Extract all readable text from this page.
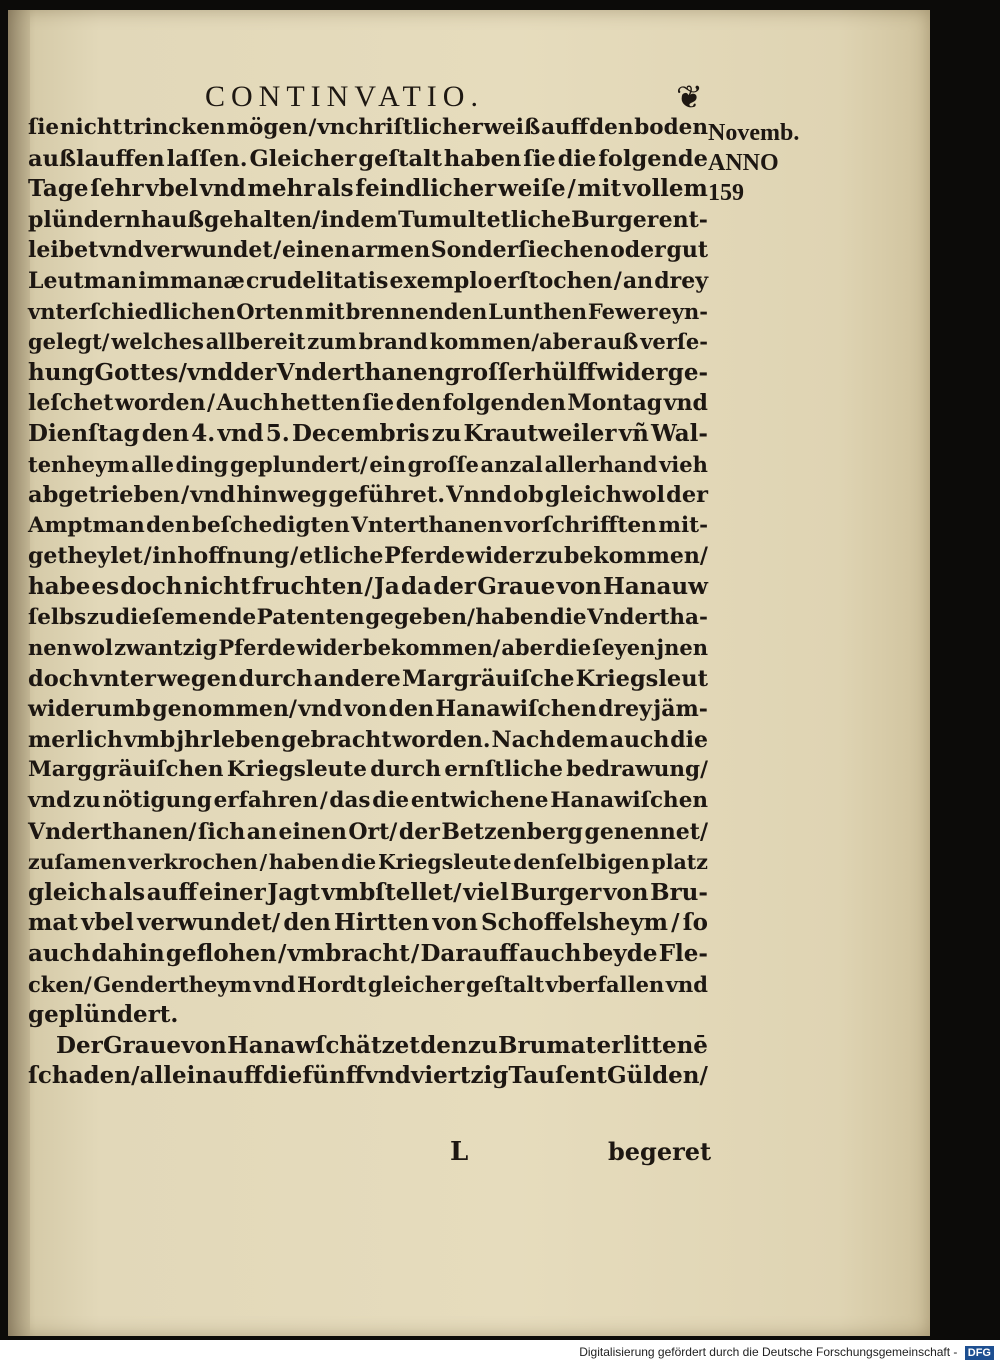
CONTINVATIO.	❦
Novemb.
ANNO
159
ſie nicht trincken mögen / vnchriſtlicher weiß auff den boden
außlauffen laſſen. Gleicher geſtalt haben ſie die folgende
Tage ſehr vbel vnd mehr als feindlicher weiſe / mit vollem
plündern haußgehalten/ in dem Tumult etliche Burger ent-
leibet vnd verwundet / einen armen Sonderſiechen oder gut
Leutman immanæ crudelitatis exemplo erſtochen / an drey
vnterſchiedlichen Orten mit brennenden Lunthen Fewer eyn-
gelegt/ welches allbereit zum brand kommen/aber auß verſe-
hung Gottes / vnd der Vnderthanen groſſer hülff wider ge-
leſchet worden / Auch hetten ſie den folgenden Montag vnd
Dienſtag den 4. vnd 5. Decembris zu Krautweiler vñ Wal-
tenheym alle ding geplundert/ ein groſſe anzal allerhand vieh
abgetrieben / vnd hinweg geführet. Vnnd ob gleichwol der
Amptman den beſchedigten Vnterthanen vorſchrifften mit-
getheylet / in hoffnung / etliche Pferde wider zu bekommen/
habe es doch nicht fruchten / Ja da der Graue von Hanauw
ſelbs zu dieſem ende Patenten gegeben/ haben die Vndertha-
nen wol zwantzig Pferde wider bekommen/ aber die ſeyen jnen
doch vnter wegen durch andere Margräuiſche Kriegsleut
widerumb genommen/ vnd von den Hanawiſchen drey jäm-
merlich vmb jhr leben gebracht worden. Nach dem auch die
Marggräuiſchen Kriegsleute durch ernſtliche bedrawung/
vnd zu nötigung erfahren / das die entwichene Hanawiſchen
Vnderthanen/ ſich an einen Ort/ der Betzenberg genennet/
zuſamen verkrochen / haben die Kriegsleute denſelbigen platz
gleich als auff einer Jagt vmbſtellet/ viel Burger von Bru-
mat vbel verwundet/ den Hirtten von Schoffelsheym / ſo
auch dahin geflohen / vmbracht / Darauff auch beyde Fle-
cken/ Genderthеym vnd Hordt gleicher geſtalt vberfallen vnd
geplündert.
Der Graue von Hanaw ſchätzet den zu Brumat erlittenē
ſchaden / allein auff die fünff vnd viertzig Tauſent Gülden/
L	begeret
Digitalisierung gefördert durch die Deutsche Forschungsgemeinschaft - DFG
